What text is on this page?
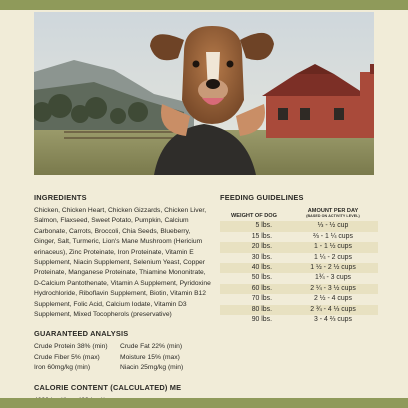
INGREDIENTS
Chicken, Chicken Heart, Chicken Gizzards, Chicken Liver, Salmon, Flaxseed, Sweet Potato, Pumpkin, Calcium Carbonate, Carrots, Broccoli, Chia Seeds, Blueberry, Ginger, Salt, Turmeric, Lion's Mane Mushroom (Hericium erinaceus), Zinc Proteinate, Iron Proteinate, Vitamin E Supplement, Niacin Supplement, Selenium Yeast, Copper Proteinate, Manganese Proteinate, Thiamine Mononitrate, D-Calcium Pantothenate, Vitamin A Supplement, Pyridoxine Hydrochloride, Riboflavin Supplement, Biotin, Vitamin B12 Supplement, Folic Acid, Calcium Iodate, Vitamin D3 Supplement, Mixed Tocopherols (preservative)
GUARANTEED ANALYSIS
Crude Protein 38% (min)	Crude Fat 22% (min)
Crude Fiber 5% (max)	Moisture 15% (max)
Iron 60mg/kg (min)	Niacin 25mg/kg (min)
CALORIE CONTENT (CALCULATED) ME
FEEDING GUIDELINES
WEIGHT OF DOG	AMOUNT PER DAY
(BASED ON ACTIVITY LEVEL)

5 lbs.	⅓ - ½ cup
15 lbs.	⅔ - 1 ¼ cups
20 lbs.	1 - 1 ½ cups
30 lbs.	1 ¼ - 2 cups
40 lbs.	1 ½ - 2 ½ cups
50 lbs.	1¾ - 3 cups
60 lbs.	2 ¼ - 3 ½ cups
70 lbs.	2 ½ - 4 cups
80 lbs.	2 ¾ - 4 ⅓ cups
90 lbs.	3 - 4 ⅔ cups
